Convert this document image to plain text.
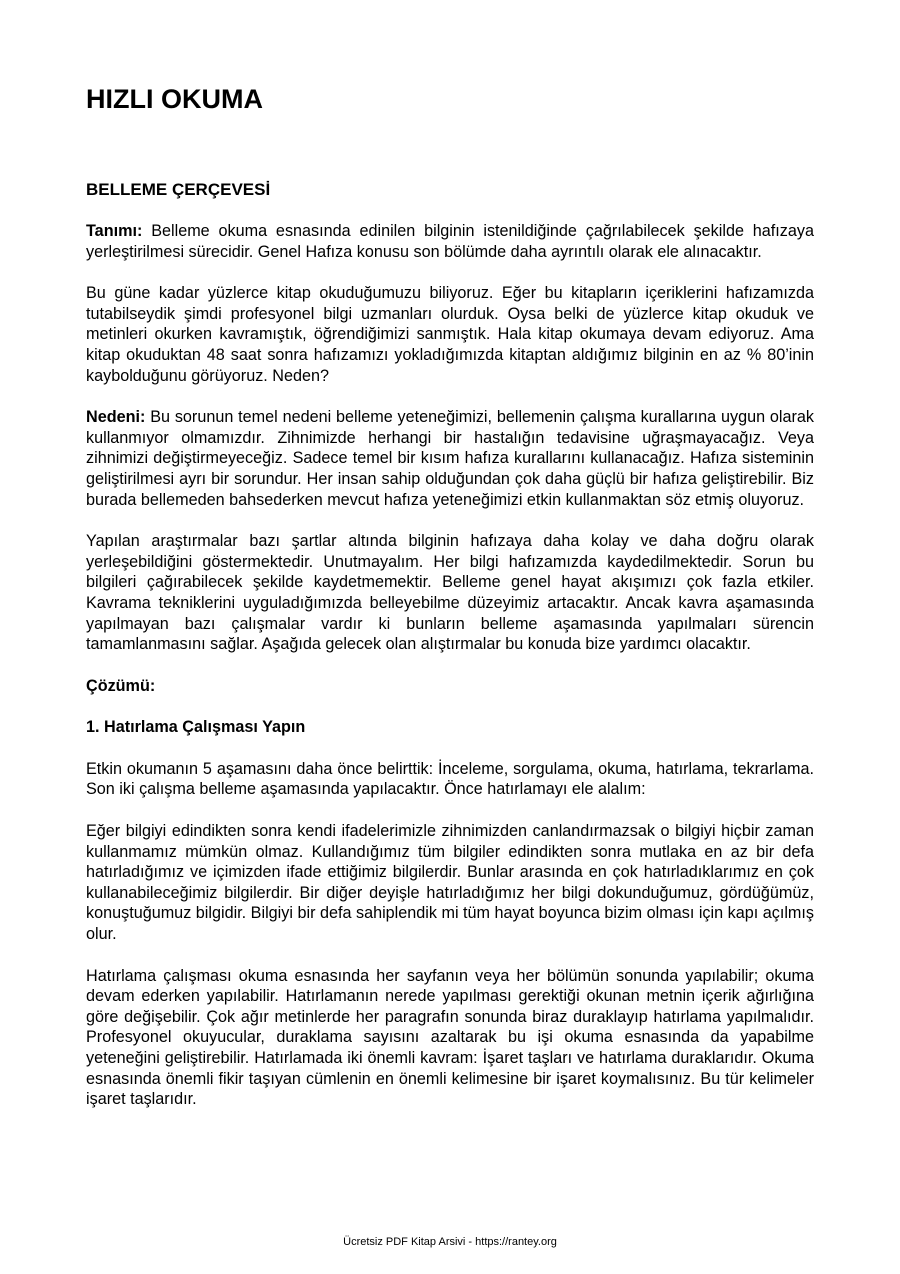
HIZLI OKUMA
BELLEME ÇERÇEVESİ

Tanımı: Belleme okuma esnasında edinilen bilginin istenildiğinde çağrılabilecek şekilde hafızaya yerleştirilmesi sürecidir. Genel Hafıza konusu son bölümde daha ayrıntılı olarak ele alınacaktır.

Bu güne kadar yüzlerce kitap okuduğumuzu biliyoruz. Eğer bu kitapların içeriklerini hafızamızda tutabilseydik şimdi profesyonel bilgi uzmanları olurduk. Oysa belki de yüzlerce kitap okuduk ve metinleri okurken kavramıştık, öğrendiğimizi sanmıştık. Hala kitap okumaya devam ediyoruz. Ama kitap okuduktan 48 saat sonra hafızamızı yokladığımızda kitaptan aldığımız bilginin en az % 80’inin kaybolduğunu görüyoruz. Neden?

Nedeni: Bu sorunun temel nedeni belleme yeteneğimizi, bellemenin çalışma kurallarına uygun olarak kullanmıyor olmamızdır. Zihnimizde herhangi bir hastalığın tedavisine uğraşmayacağız. Veya zihnimizi değiştirmeyeceğiz. Sadece temel bir kısım hafıza kurallarını kullanacağız. Hafıza sisteminin geliştirilmesi ayrı bir sorundur. Her insan sahip olduğundan çok daha güçlü bir hafıza geliştirebilir. Biz burada bellemeden bahsederken mevcut hafıza yeteneğimizi etkin kullanmaktan söz etmiş oluyoruz.

Yapılan araştırmalar bazı şartlar altında bilginin hafızaya daha kolay ve daha doğru olarak yerleşebildiğini göstermektedir. Unutmayalım. Her bilgi hafızamızda kaydedilmektedir. Sorun bu bilgileri çağırabilecek şekilde kaydetmemektir. Belleme genel hayat akışımızı çok fazla etkiler. Kavrama tekniklerini uyguladığımızda belleyebilme düzeyimiz artacaktır. Ancak kavra aşamasında yapılmayan bazı çalışmalar vardır ki bunların belleme aşamasında yapılmaları sürencin tamamlanmasını sağlar. Aşağıda gelecek olan alıştırmalar bu konuda bize yardımcı olacaktır.

Çözümü:

1. Hatırlama Çalışması Yapın

Etkin okumanın 5 aşamasını daha önce belirttik: İnceleme, sorgulama, okuma, hatırlama, tekrarlama. Son iki çalışma belleme aşamasında yapılacaktır. Önce hatırlamayı ele alalım:

Eğer bilgiyi edindikten sonra kendi ifadelerimizle zihnimizden canlandırmazsak o bilgiyi hiçbir zaman kullanmamız mümkün olmaz. Kullandığımız tüm bilgiler edindikten sonra mutlaka en az bir defa hatırladığımız ve içimizden ifade ettiğimiz bilgilerdir. Bunlar arasında en çok hatırladıklarımız en çok kullanabileceğimiz bilgilerdir. Bir diğer deyişle hatırladığımız her bilgi dokunduğumuz, gördüğümüz, konuştuğumuz bilgidir. Bilgiyi bir defa sahiplendik mi tüm hayat boyunca bizim olması için kapı açılmış olur.

Hatırlama çalışması okuma esnasında her sayfanın veya her bölümün sonunda yapılabilir; okuma devam ederken yapılabilir. Hatırlamanın nerede yapılması gerektiği okunan metnin içerik ağırlığına göre değişebilir. Çok ağır metinlerde her paragrafın sonunda biraz duraklayıp hatırlama yapılmalıdır. Profesyonel okuyucular, duraklama sayısını azaltarak bu işi okuma esnasında da yapabilme yeteneğini geliştirebilir. Hatırlamada iki önemli kavram: İşaret taşları ve hatırlama duraklarıdır. Okuma esnasında önemli fikir taşıyan cümlenin en önemli kelimesine bir işaret koymalısınız. Bu tür kelimeler işaret taşlarıdır.

Ücretsiz PDF Kitap Arsivi - https://rantey.org
